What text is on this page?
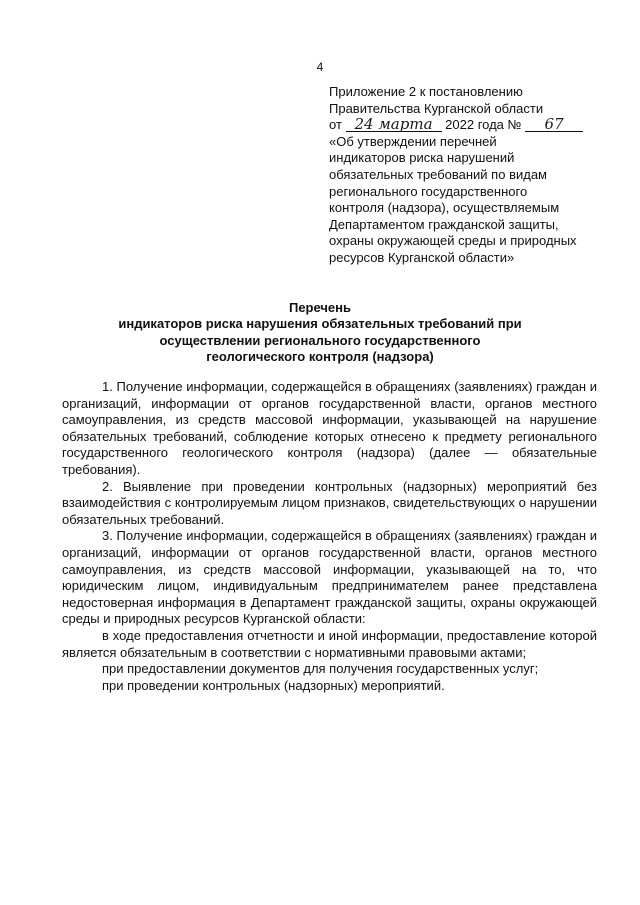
4
Приложение 2 к постановлению
Правительства Курганской области
от 24 марта 2022 года № 67
«Об утверждении перечней
индикаторов риска нарушений
обязательных требований по видам
регионального государственного
контроля (надзора), осуществляемым
Департаментом гражданской защиты,
охраны окружающей среды и природных
ресурсов Курганской области»
Перечень
индикаторов риска нарушения обязательных требований при
осуществлении регионального государственного
геологического контроля (надзора)

1. Получение информации, содержащейся в обращениях (заявлениях) граждан и организаций, информации от органов государственной власти, органов местного самоуправления, из средств массовой информации, указывающей на нарушение обязательных требований, соблюдение которых отнесено к предмету регионального государственного геологического контроля (надзора) (далее — обязательные требования).

2. Выявление при проведении контрольных (надзорных) мероприятий без взаимодействия с контролируемым лицом признаков, свидетельствующих о нарушении обязательных требований.

3. Получение информации, содержащейся в обращениях (заявлениях) граждан и организаций, информации от органов государственной власти, органов местного самоуправления, из средств массовой информации, указывающей на то, что юридическим лицом, индивидуальным предпринимателем ранее представлена недостоверная информация в Департамент гражданской защиты, охраны окружающей среды и природных ресурсов Курганской области:

в ходе предоставления отчетности и иной информации, предоставление которой является обязательным в соответствии с нормативными правовыми актами;

при предоставлении документов для получения государственных услуг;

при проведении контрольных (надзорных) мероприятий.
